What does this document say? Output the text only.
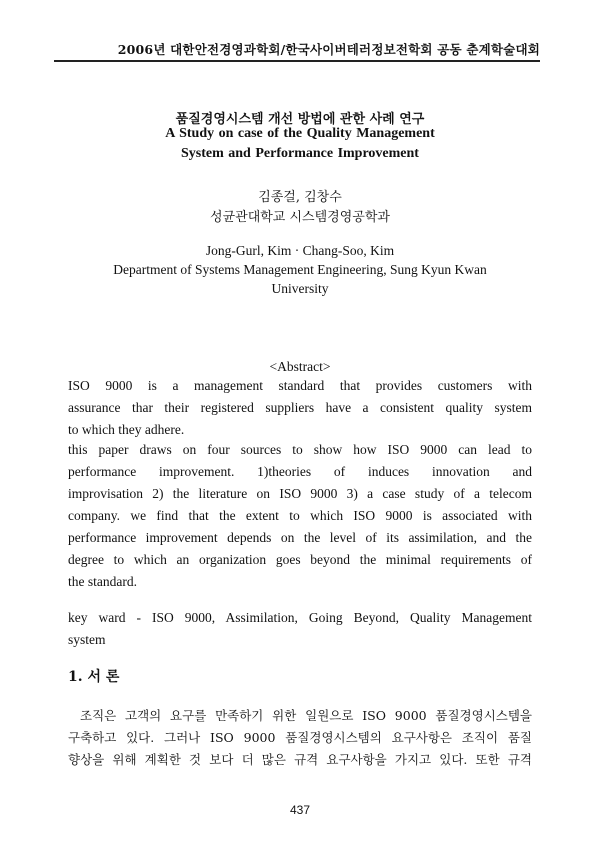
2006년 대한안전경영과학회/한국사이버테러정보전학회 공동 춘계학술대회
품질경영시스템 개선 방법에 관한 사례 연구
A Study on case of the Quality Management
System and Performance Improvement
김종걸, 김창수
성균관대학교 시스템경영공학과
Jong-Gurl, Kim · Chang-Soo, Kim
Department of Systems Management Engineering, Sung Kyun Kwan
University
<Abstract>
ISO 9000 is a management standard that provides customers with
assurance thar their registered suppliers have a consistent quality system
to which they adhere.
this paper draws on four sources to show how ISO 9000 can lead to
performance improvement. 1)theories of induces innovation and
improvisation 2) the literature on ISO 9000 3) a case study of a telecom
company. we find that the extent to which ISO 9000 is associated with
performance improvement depends on the level of its assimilation, and the
degree to which an organization goes beyond the minimal requirements of
the standard.
key ward - ISO 9000, Assimilation, Going Beyond, Quality Management
system
1. 서 론
조직은 고객의 요구를 만족하기 위한 일원으로 ISO 9000 품질경영시스템을
구축하고 있다. 그러나 ISO 9000 품질경영시스템의 요구사항은 조직이 품질
향상을 위해 계획한 것 보다 더 많은 규격 요구사항을 가지고 있다. 또한 규격
437
